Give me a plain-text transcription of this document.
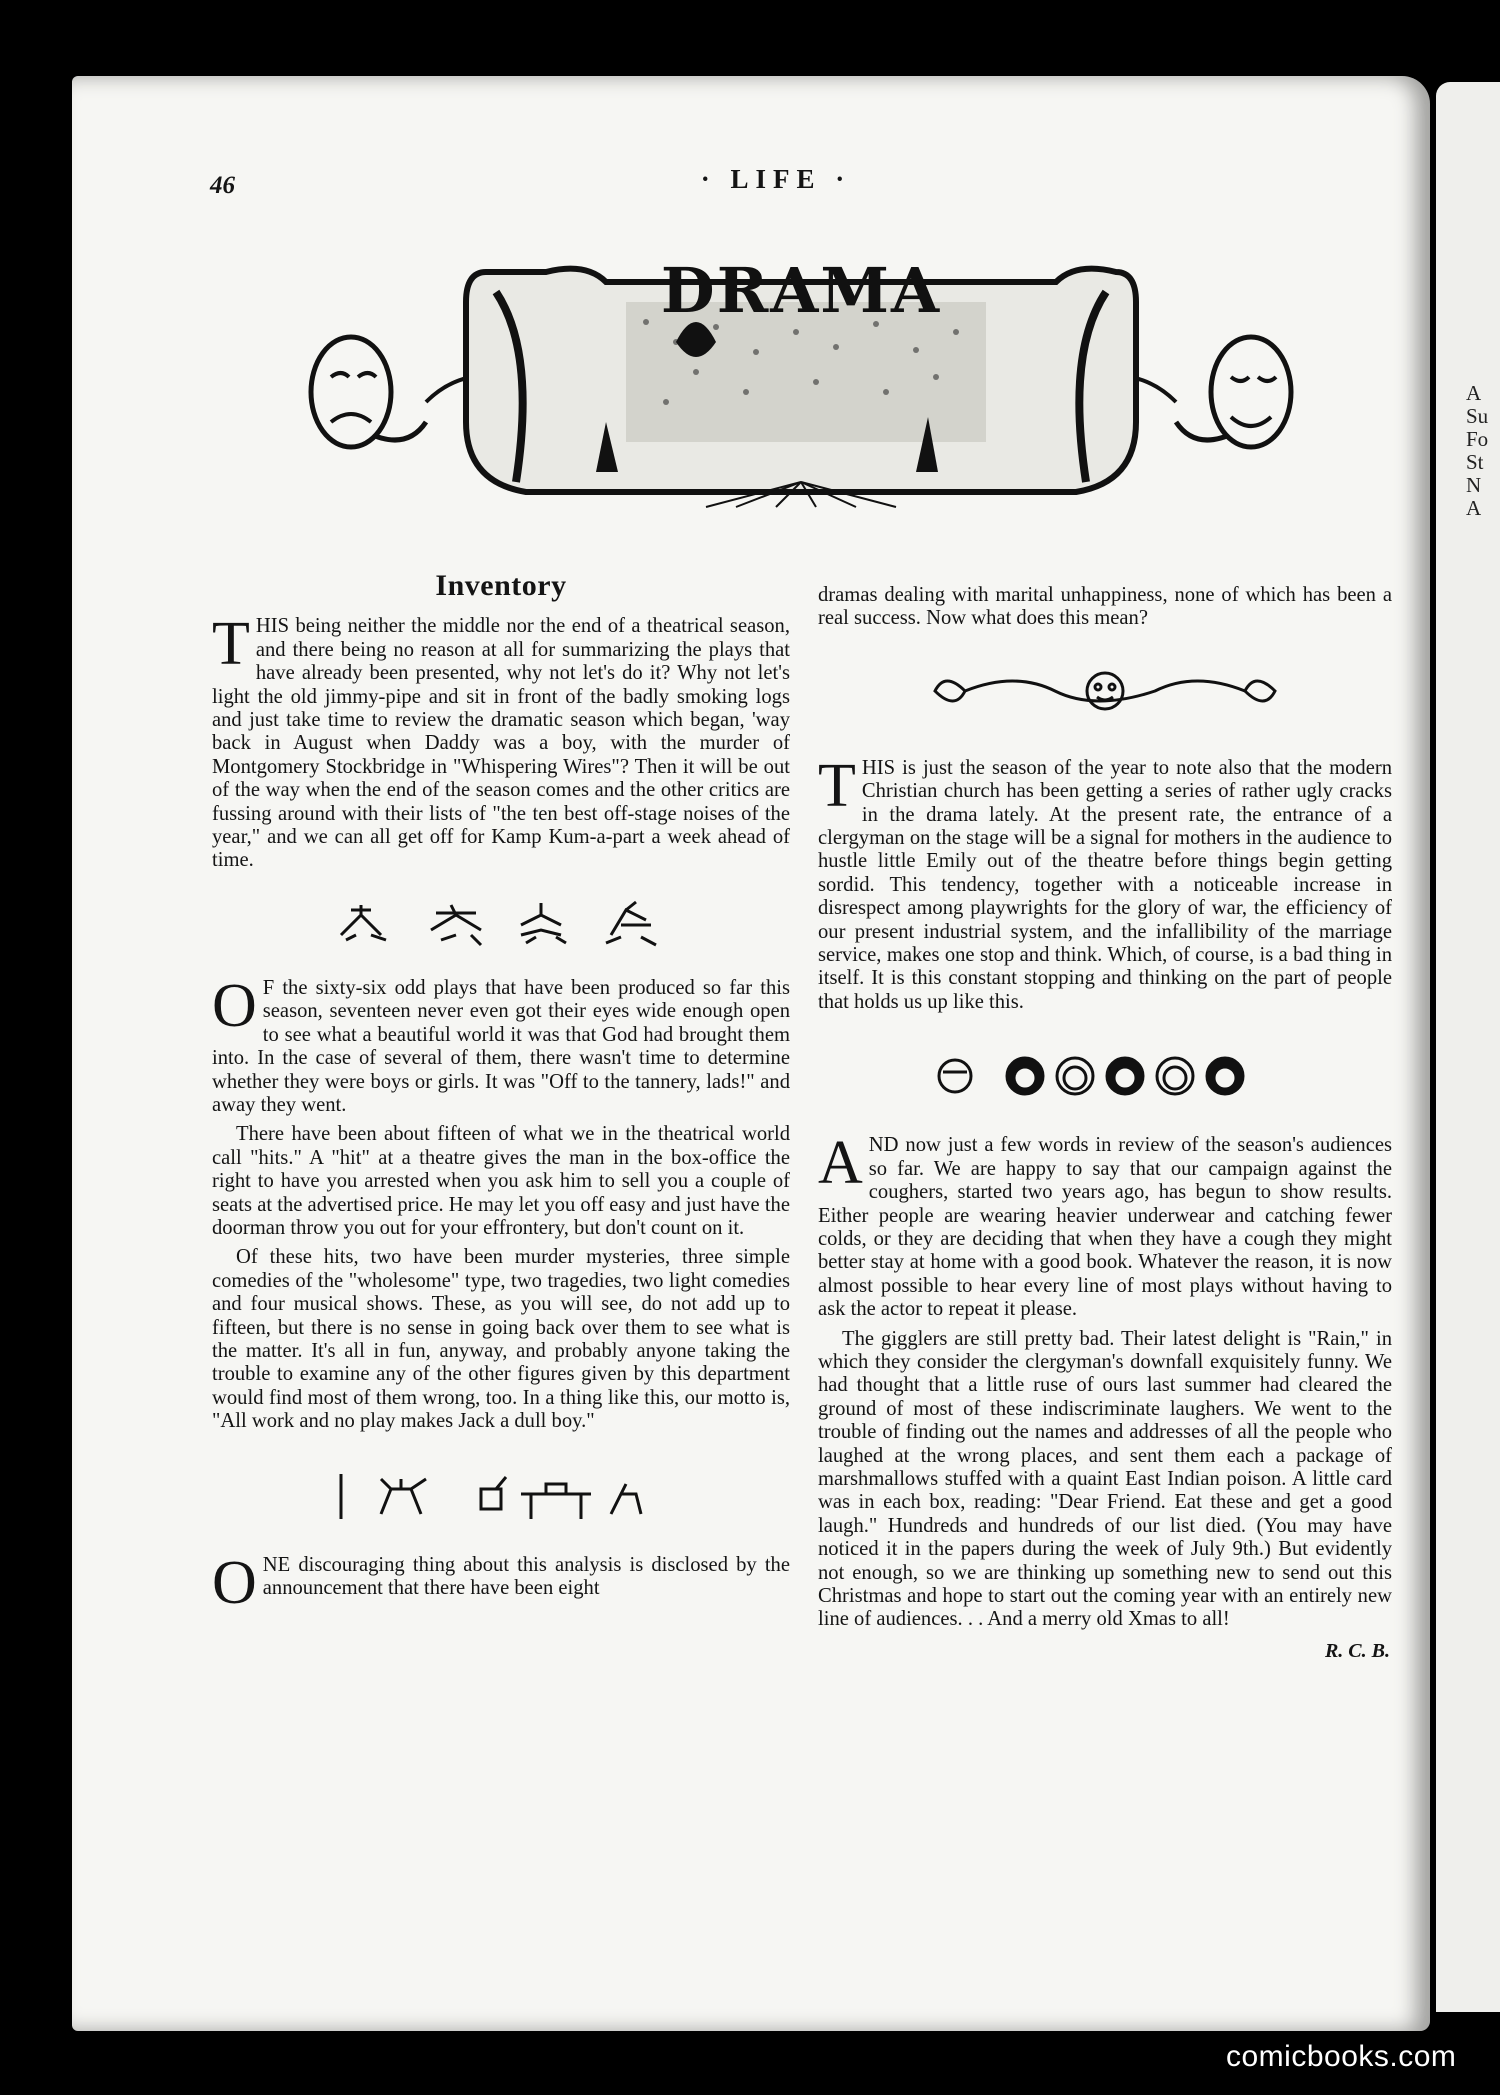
A
Su
Fo
St
N
A
46	· LIFE ·
DRAMA
Inventory
T HIS being neither the middle nor the end of a theatrical season, and there being no reason at all for summarizing the plays that have already been presented, why not let's do it? Why not let's light the old jimmy-pipe and sit in front of the badly smoking logs and just take time to review the dramatic season which began, 'way back in August when Daddy was a boy, with the murder of Montgomery Stockbridge in "Whispering Wires"? Then it will be out of the way when the end of the season comes and the other critics are fussing around with their lists of "the ten best off-stage noises of the year," and we can all get off for Kamp Kum-a-part a week ahead of time.
O F the sixty-six odd plays that have been produced so far this season, seventeen never even got their eyes wide enough open to see what a beautiful world it was that God had brought them into. In the case of several of them, there wasn't time to determine whether they were boys or girls. It was "Off to the tannery, lads!" and away they went.
There have been about fifteen of what we in the theatrical world call "hits." A "hit" at a theatre gives the man in the box-office the right to have you arrested when you ask him to sell you a couple of seats at the advertised price. He may let you off easy and just have the doorman throw you out for your effrontery, but don't count on it.
Of these hits, two have been murder mysteries, three simple comedies of the "wholesome" type, two tragedies, two light comedies and four musical shows. These, as you will see, do not add up to fifteen, but there is no sense in going back over them to see what is the matter. It's all in fun, anyway, and probably anyone taking the trouble to examine any of the other figures given by this department would find most of them wrong, too. In a thing like this, our motto is, "All work and no play makes Jack a dull boy."
O NE discouraging thing about this analysis is disclosed by the announcement that there have been eight
dramas dealing with marital unhappiness, none of which has been a real success. Now what does this mean?
T HIS is just the season of the year to note also that the modern Christian church has been getting a series of rather ugly cracks in the drama lately. At the present rate, the entrance of a clergyman on the stage will be a signal for mothers in the audience to hustle little Emily out of the theatre before things begin getting sordid. This tendency, together with a noticeable increase in disrespect among playwrights for the glory of war, the efficiency of our present industrial system, and the infallibility of the marriage service, makes one stop and think. Which, of course, is a bad thing in itself. It is this constant stopping and thinking on the part of people that holds us up like this.
A ND now just a few words in review of the season's audiences so far. We are happy to say that our campaign against the coughers, started two years ago, has begun to show results. Either people are wearing heavier underwear and catching fewer colds, or they are deciding that when they have a cough they might better stay at home with a good book. Whatever the reason, it is now almost possible to hear every line of most plays without having to ask the actor to repeat it please.
The gigglers are still pretty bad. Their latest delight is "Rain," in which they consider the clergyman's downfall exquisitely funny. We had thought that a little ruse of ours last summer had cleared the ground of most of these indiscriminate laughers. We went to the trouble of finding out the names and addresses of all the people who laughed at the wrong places, and sent them each a package of marshmallows stuffed with a quaint East Indian poison. A little card was in each box, reading: "Dear Friend. Eat these and get a good laugh." Hundreds and hundreds of our list died. (You may have noticed it in the papers during the week of July 9th.) But evidently not enough, so we are thinking up something new to send out this Christmas and hope to start out the coming year with an entirely new line of audiences. . . And a merry old Xmas to all!
R. C. B.
comicbooks.com
